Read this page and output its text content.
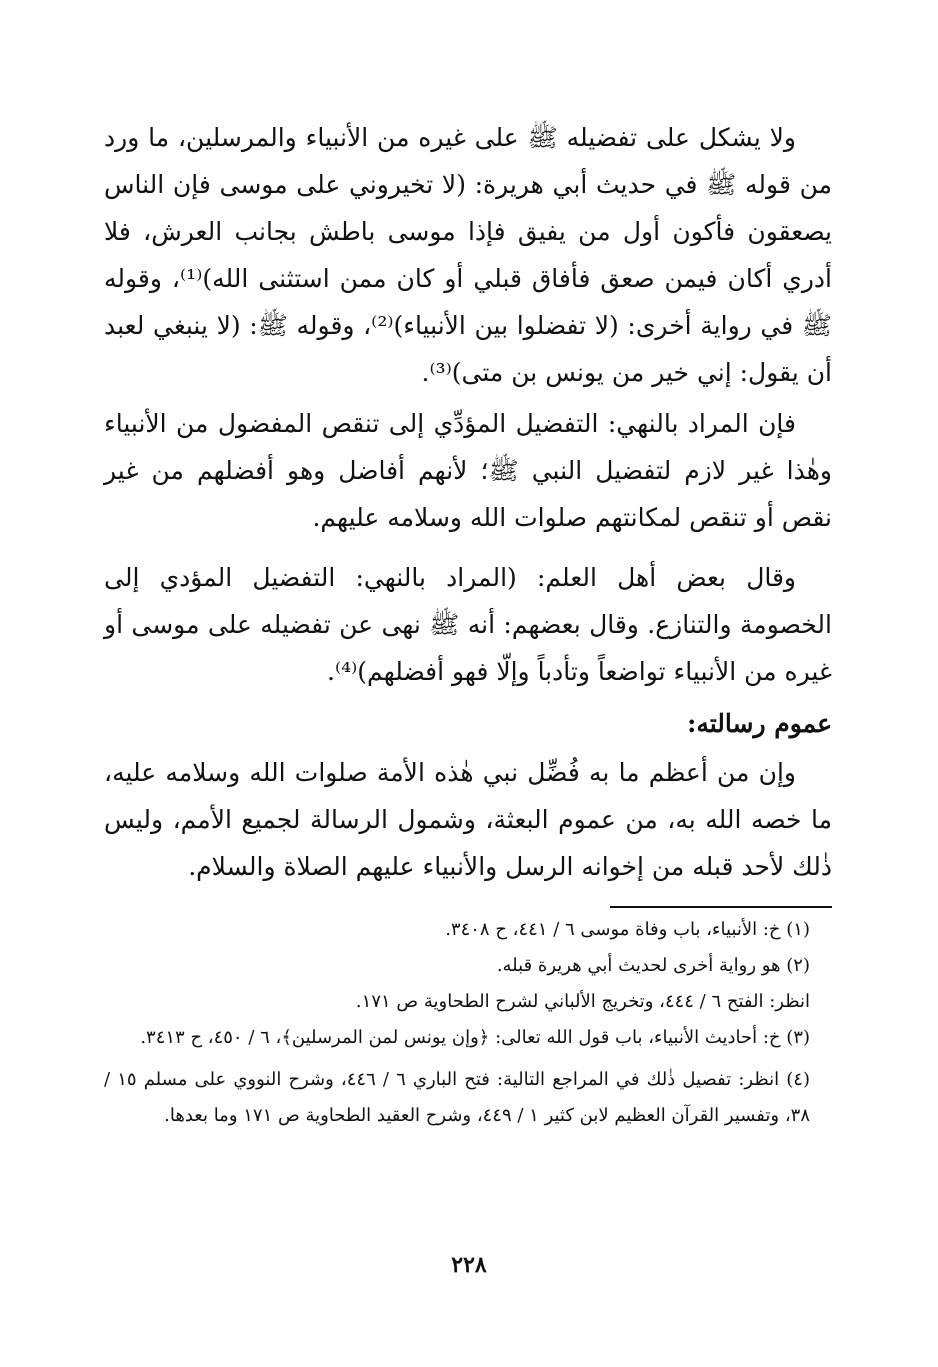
ولا يشكل على تفضيله ﷺ على غيره من الأنبياء والمرسلين، ما ورد من قوله ﷺ في حديث أبي هريرة: (لا تخيروني على موسى فإن الناس يصعقون فأكون أول من يفيق فإذا موسى باطش بجانب العرش، فلا أدري أكان فيمن صعق فأفاق قبلي أو كان ممن استثنى الله)⁽¹⁾، وقوله ﷺ في رواية أخرى: (لا تفضلوا بين الأنبياء)⁽²⁾، وقوله ﷺ: (لا ينبغي لعبد أن يقول: إني خير من يونس بن متى)⁽³⁾.

فإن المراد بالنهي: التفضيل المؤدِّي إلى تنقص المفضول من الأنبياء وهٰذا غير لازم لتفضيل النبي ﷺ؛ لأنهم أفاضل وهو أفضلهم من غير نقص أو تنقص لمكانتهم صلوات الله وسلامه عليهم.

وقال بعض أهل العلم: (المراد بالنهي: التفضيل المؤدي إلى الخصومة والتنازع. وقال بعضهم: أنه ﷺ نهى عن تفضيله على موسى أو غيره من الأنبياء تواضعاً وتأدباً وإلّا فهو أفضلهم)⁽⁴⁾.

عموم رسالته:

وإن من أعظم ما به فُضِّل نبي هٰذه الأمة صلوات الله وسلامه عليه، ما خصه الله به، من عموم البعثة، وشمول الرسالة لجميع الأمم، وليس ذٰلك لأحد قبله من إخوانه الرسل والأنبياء عليهم الصلاة والسلام.

(١) خ: الأنبياء، باب وفاة موسى ٦ / ٤٤١، ح ٣٤٠٨.

(٢) هو رواية أخرى لحديث أبي هريرة قبله.

انظر: الفتح ٦ / ٤٤٤، وتخريج الألباني لشرح الطحاوية ص ١٧١.

(٣) خ: أحاديث الأنبياء، باب قول الله تعالى: ﴿وإن يونس لمن المرسلين﴾، ٦ / ٤٥٠، ح ٣٤١٣.

(٤) انظر: تفصيل ذٰلك في المراجع التالية: فتح الباري ٦ / ٤٤٦، وشرح النووي على مسلم ١٥ / ٣٨، وتفسير القرآن العظيم لابن كثير ١ / ٤٤٩، وشرح العقيد الطحاوية ص ١٧١ وما بعدها.

٢٢٨
